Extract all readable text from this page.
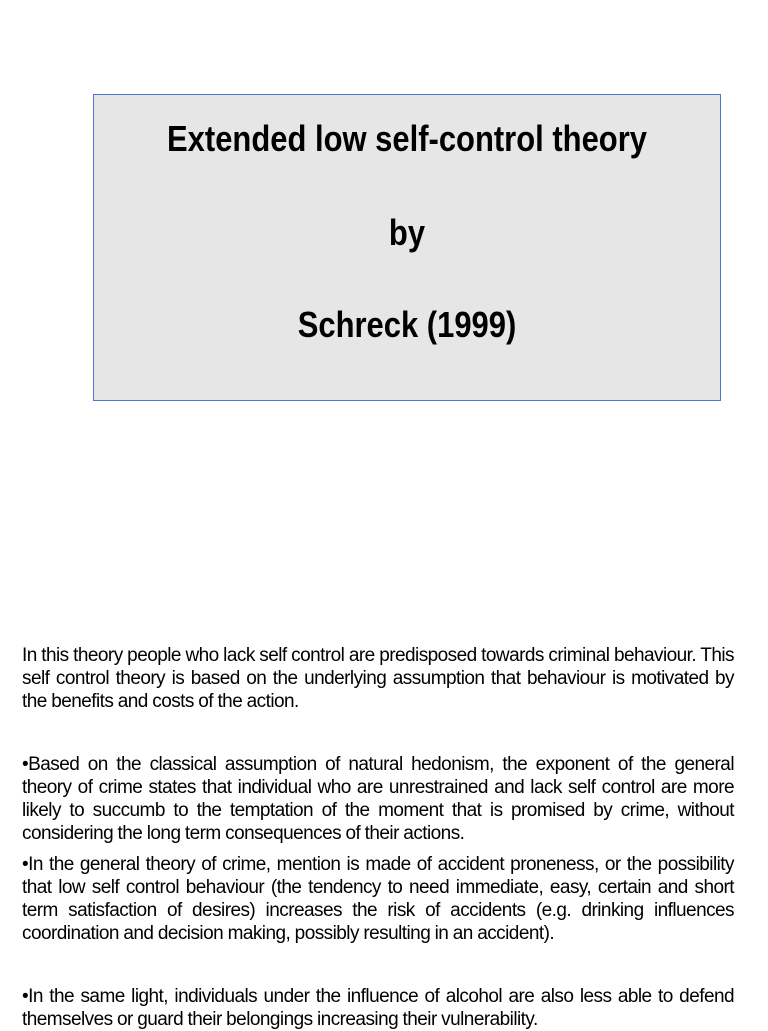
Extended low self-control theory
by
Schreck (1999)
In this theory people who lack self control are predisposed towards criminal behaviour. This self control theory is based on the underlying assumption that behaviour is motivated by the benefits and costs of the action.
•Based on the classical assumption of natural hedonism, the exponent of the general theory of crime states that individual who are unrestrained and lack self control are more likely to succumb to the temptation of the moment that is promised by crime, without considering the long term consequences of their actions.
•In the general theory of crime, mention is made of accident proneness, or the possibility that low self control behaviour (the tendency to need immediate, easy, certain and short term satisfaction of desires) increases the risk of accidents (e.g. drinking influences coordination and decision making, possibly resulting in an accident).
•In the same light, individuals under the influence of alcohol are also less able to defend themselves or guard their belongings increasing their vulnerability.
